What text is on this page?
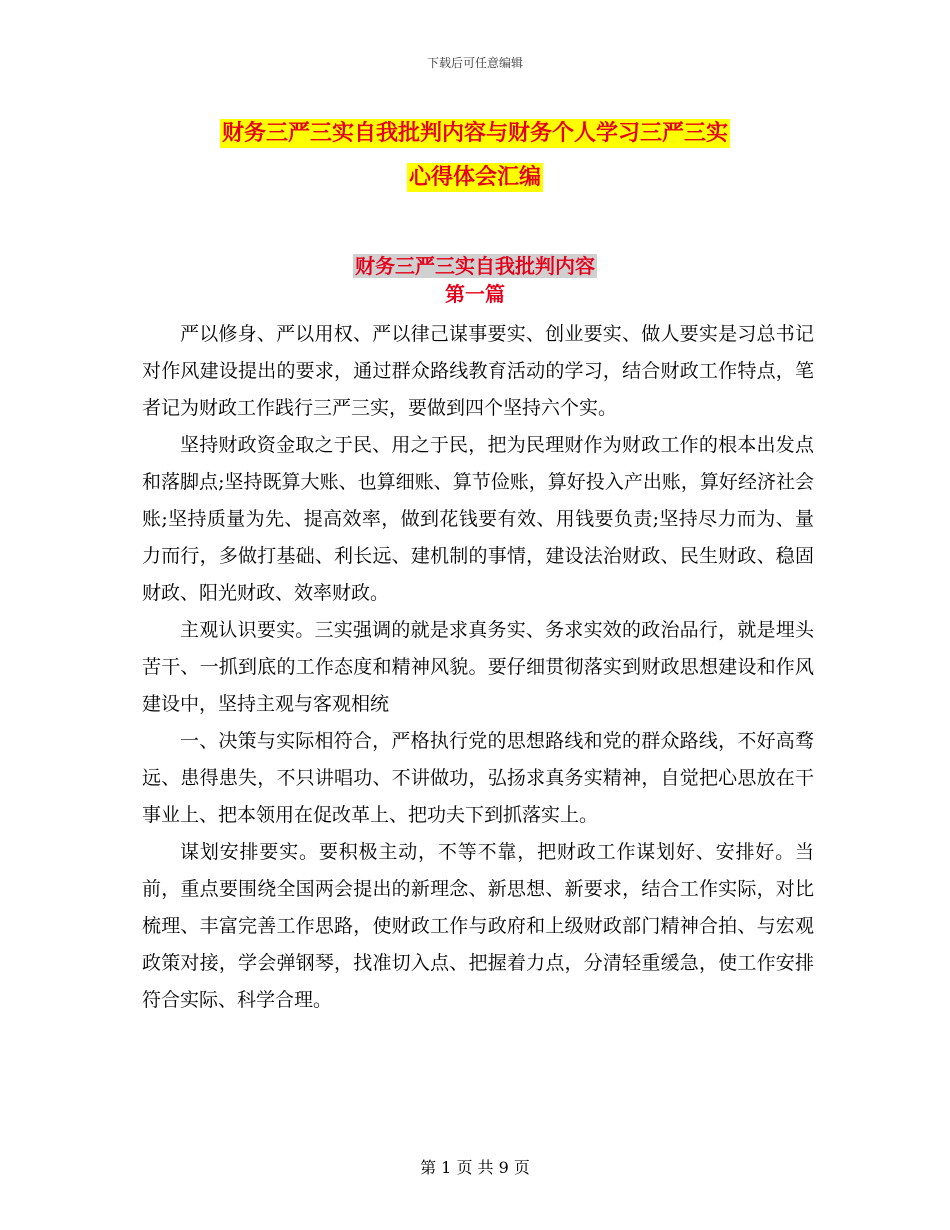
下载后可任意编辑
财务三严三实自我批判内容与财务个人学习三严三实
心得体会汇编
财务三严三实自我批判内容
第一篇

严以修身、严以用权、严以律己谋事要实、创业要实、做人要实是习总书记对作风建设提出的要求，通过群众路线教育活动的学习，结合财政工作特点，笔者记为财政工作践行三严三实，要做到四个坚持六个实。

坚持财政资金取之于民、用之于民，把为民理财作为财政工作的根本出发点和落脚点;坚持既算大账、也算细账、算节俭账，算好投入产出账，算好经济社会账;坚持质量为先、提高效率，做到花钱要有效、用钱要负责;坚持尽力而为、量力而行，多做打基础、利长远、建机制的事情，建设法治财政、民生财政、稳固财政、阳光财政、效率财政。

主观认识要实。三实强调的就是求真务实、务求实效的政治品行，就是埋头苦干、一抓到底的工作态度和精神风貌。要仔细贯彻落实到财政思想建设和作风建设中，坚持主观与客观相统

一、决策与实际相符合，严格执行党的思想路线和党的群众路线，不好高骛远、患得患失，不只讲唱功、不讲做功，弘扬求真务实精神，自觉把心思放在干事业上、把本领用在促改革上、把功夫下到抓落实上。

谋划安排要实。要积极主动，不等不靠，把财政工作谋划好、安排好。当前，重点要围绕全国两会提出的新理念、新思想、新要求，结合工作实际，对比梳理、丰富完善工作思路，使财政工作与政府和上级财政部门精神合拍、与宏观政策对接，学会弹钢琴，找准切入点、把握着力点，分清轻重缓急，使工作安排符合实际、科学合理。

第 1 页 共 9 页
